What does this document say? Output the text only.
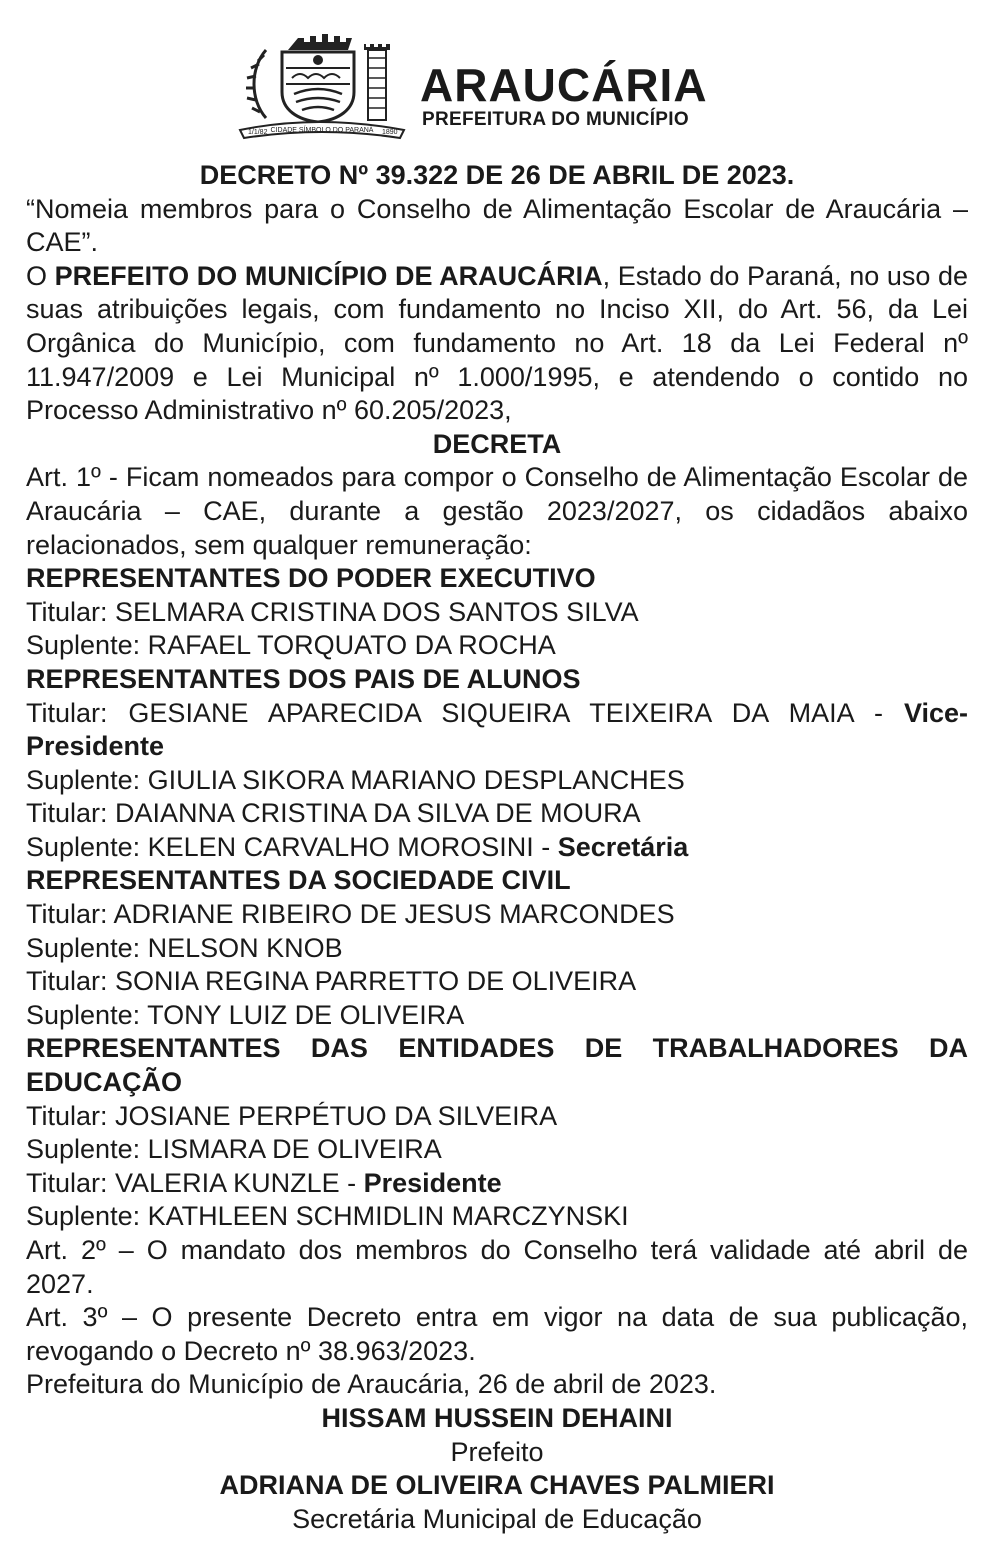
1/1/82 CIDADE SÍMBOLO DO PARANÁ 1890
ARAUCÁRIA
PREFEITURA DO MUNICÍPIO

DECRETO Nº 39.322 DE 26 DE ABRIL DE 2023.

“Nomeia membros para o Conselho de Alimentação Escolar de Araucária – CAE”.

O PREFEITO DO MUNICÍPIO DE ARAUCÁRIA, Estado do Paraná, no uso de suas atribuições legais, com fundamento no Inciso XII, do Art. 56, da Lei Orgânica do Município, com fundamento no Art. 18 da Lei Federal nº 11.947/2009 e Lei Municipal nº 1.000/1995, e atendendo o contido no Processo Administrativo nº 60.205/2023,

DECRETA

Art. 1º - Ficam nomeados para compor o Conselho de Alimentação Escolar de Araucária – CAE, durante a gestão 2023/2027, os cidadãos abaixo relacionados, sem qualquer remuneração:

REPRESENTANTES DO PODER EXECUTIVO

Titular: SELMARA CRISTINA DOS SANTOS SILVA

Suplente: RAFAEL TORQUATO DA ROCHA

REPRESENTANTES DOS PAIS DE ALUNOS

Titular: GESIANE APARECIDA SIQUEIRA TEIXEIRA DA MAIA - Vice-Presidente

Suplente: GIULIA SIKORA MARIANO DESPLANCHES

Titular: DAIANNA CRISTINA DA SILVA DE MOURA

Suplente: KELEN CARVALHO MOROSINI - Secretária

REPRESENTANTES DA SOCIEDADE CIVIL

Titular: ADRIANE RIBEIRO DE JESUS MARCONDES

Suplente: NELSON KNOB

Titular: SONIA REGINA PARRETTO DE OLIVEIRA

Suplente: TONY LUIZ DE OLIVEIRA

REPRESENTANTES DAS ENTIDADES DE TRABALHADORES DA EDUCAÇÃO

Titular: JOSIANE PERPÉTUO DA SILVEIRA

Suplente: LISMARA DE OLIVEIRA

Titular: VALERIA KUNZLE - Presidente

Suplente: KATHLEEN SCHMIDLIN MARCZYNSKI

Art. 2º – O mandato dos membros do Conselho terá validade até abril de 2027.

Art. 3º – O presente Decreto entra em vigor na data de sua publicação, revogando o Decreto nº 38.963/2023.

Prefeitura do Município de Araucária, 26 de abril de 2023.

HISSAM HUSSEIN DEHAINI

Prefeito

ADRIANA DE OLIVEIRA CHAVES PALMIERI

Secretária Municipal de Educação
